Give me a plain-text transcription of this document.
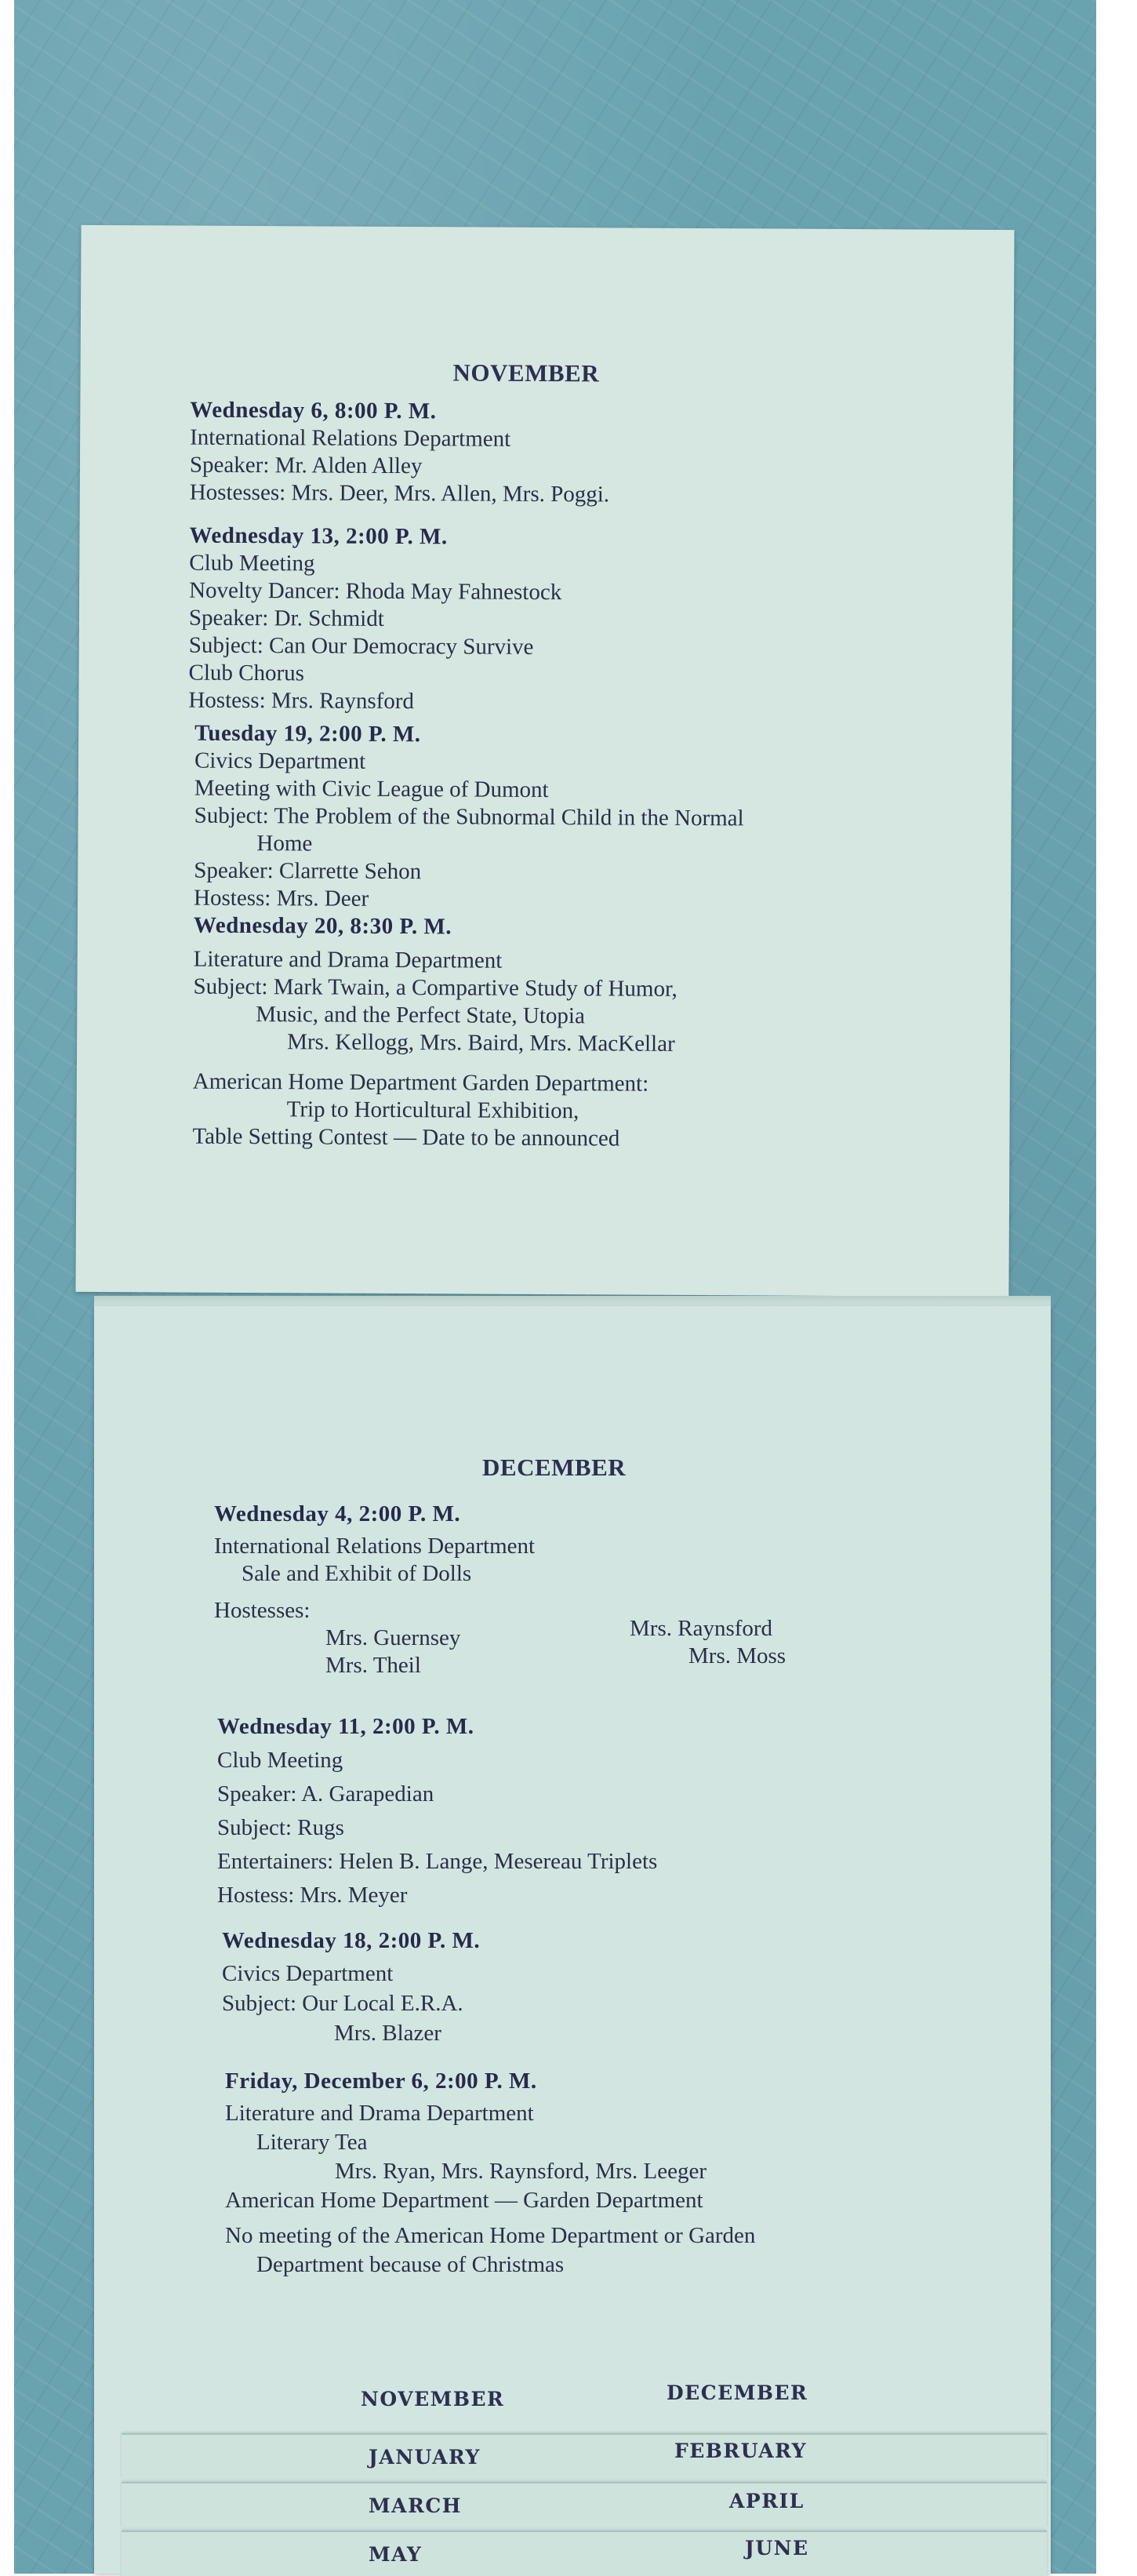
NOVEMBER
Wednesday 6, 8:00 P. M.
International Relations Department
Speaker: Mr. Alden Alley
Hostesses: Mrs. Deer, Mrs. Allen, Mrs. Poggi.
Wednesday 13, 2:00 P. M.
Club Meeting
Novelty Dancer: Rhoda May Fahnestock
Speaker: Dr. Schmidt
Subject: Can Our Democracy Survive
Club Chorus
Hostess: Mrs. Raynsford
Tuesday 19, 2:00 P. M.
Civics Department
Meeting with Civic League of Dumont
Subject: The Problem of the Subnormal Child in the Normal
Home
Speaker: Clarrette Sehon
Hostess: Mrs. Deer
Wednesday 20, 8:30 P. M.
Literature and Drama Department
Subject: Mark Twain, a Compartive Study of Humor,
Music, and the Perfect State, Utopia
Mrs. Kellogg, Mrs. Baird, Mrs. MacKellar
American Home Department Garden Department:
Trip to Horticultural Exhibition,
Table Setting Contest — Date to be announced
DECEMBER
Wednesday 4, 2:00 P. M.
International Relations Department
Sale and Exhibit of Dolls
Hostesses:
Mrs. Guernsey
Mrs. Theil
Mrs. Raynsford
Mrs. Moss
Wednesday 11, 2:00 P. M.
Club Meeting
Speaker: A. Garapedian
Subject: Rugs
Entertainers: Helen B. Lange, Mesereau Triplets
Hostess: Mrs. Meyer
Wednesday 18, 2:00 P. M.
Civics Department
Subject: Our Local E.R.A.
Mrs. Blazer
Friday, December 6, 2:00 P. M.
Literature and Drama Department
Literary Tea
Mrs. Ryan, Mrs. Raynsford, Mrs. Leeger
American Home Department — Garden Department
No meeting of the American Home Department or Garden
Department because of Christmas
NOVEMBER	DECEMBER
JANUARY	FEBRUARY
MARCH	APRIL
MAY	JUNE
